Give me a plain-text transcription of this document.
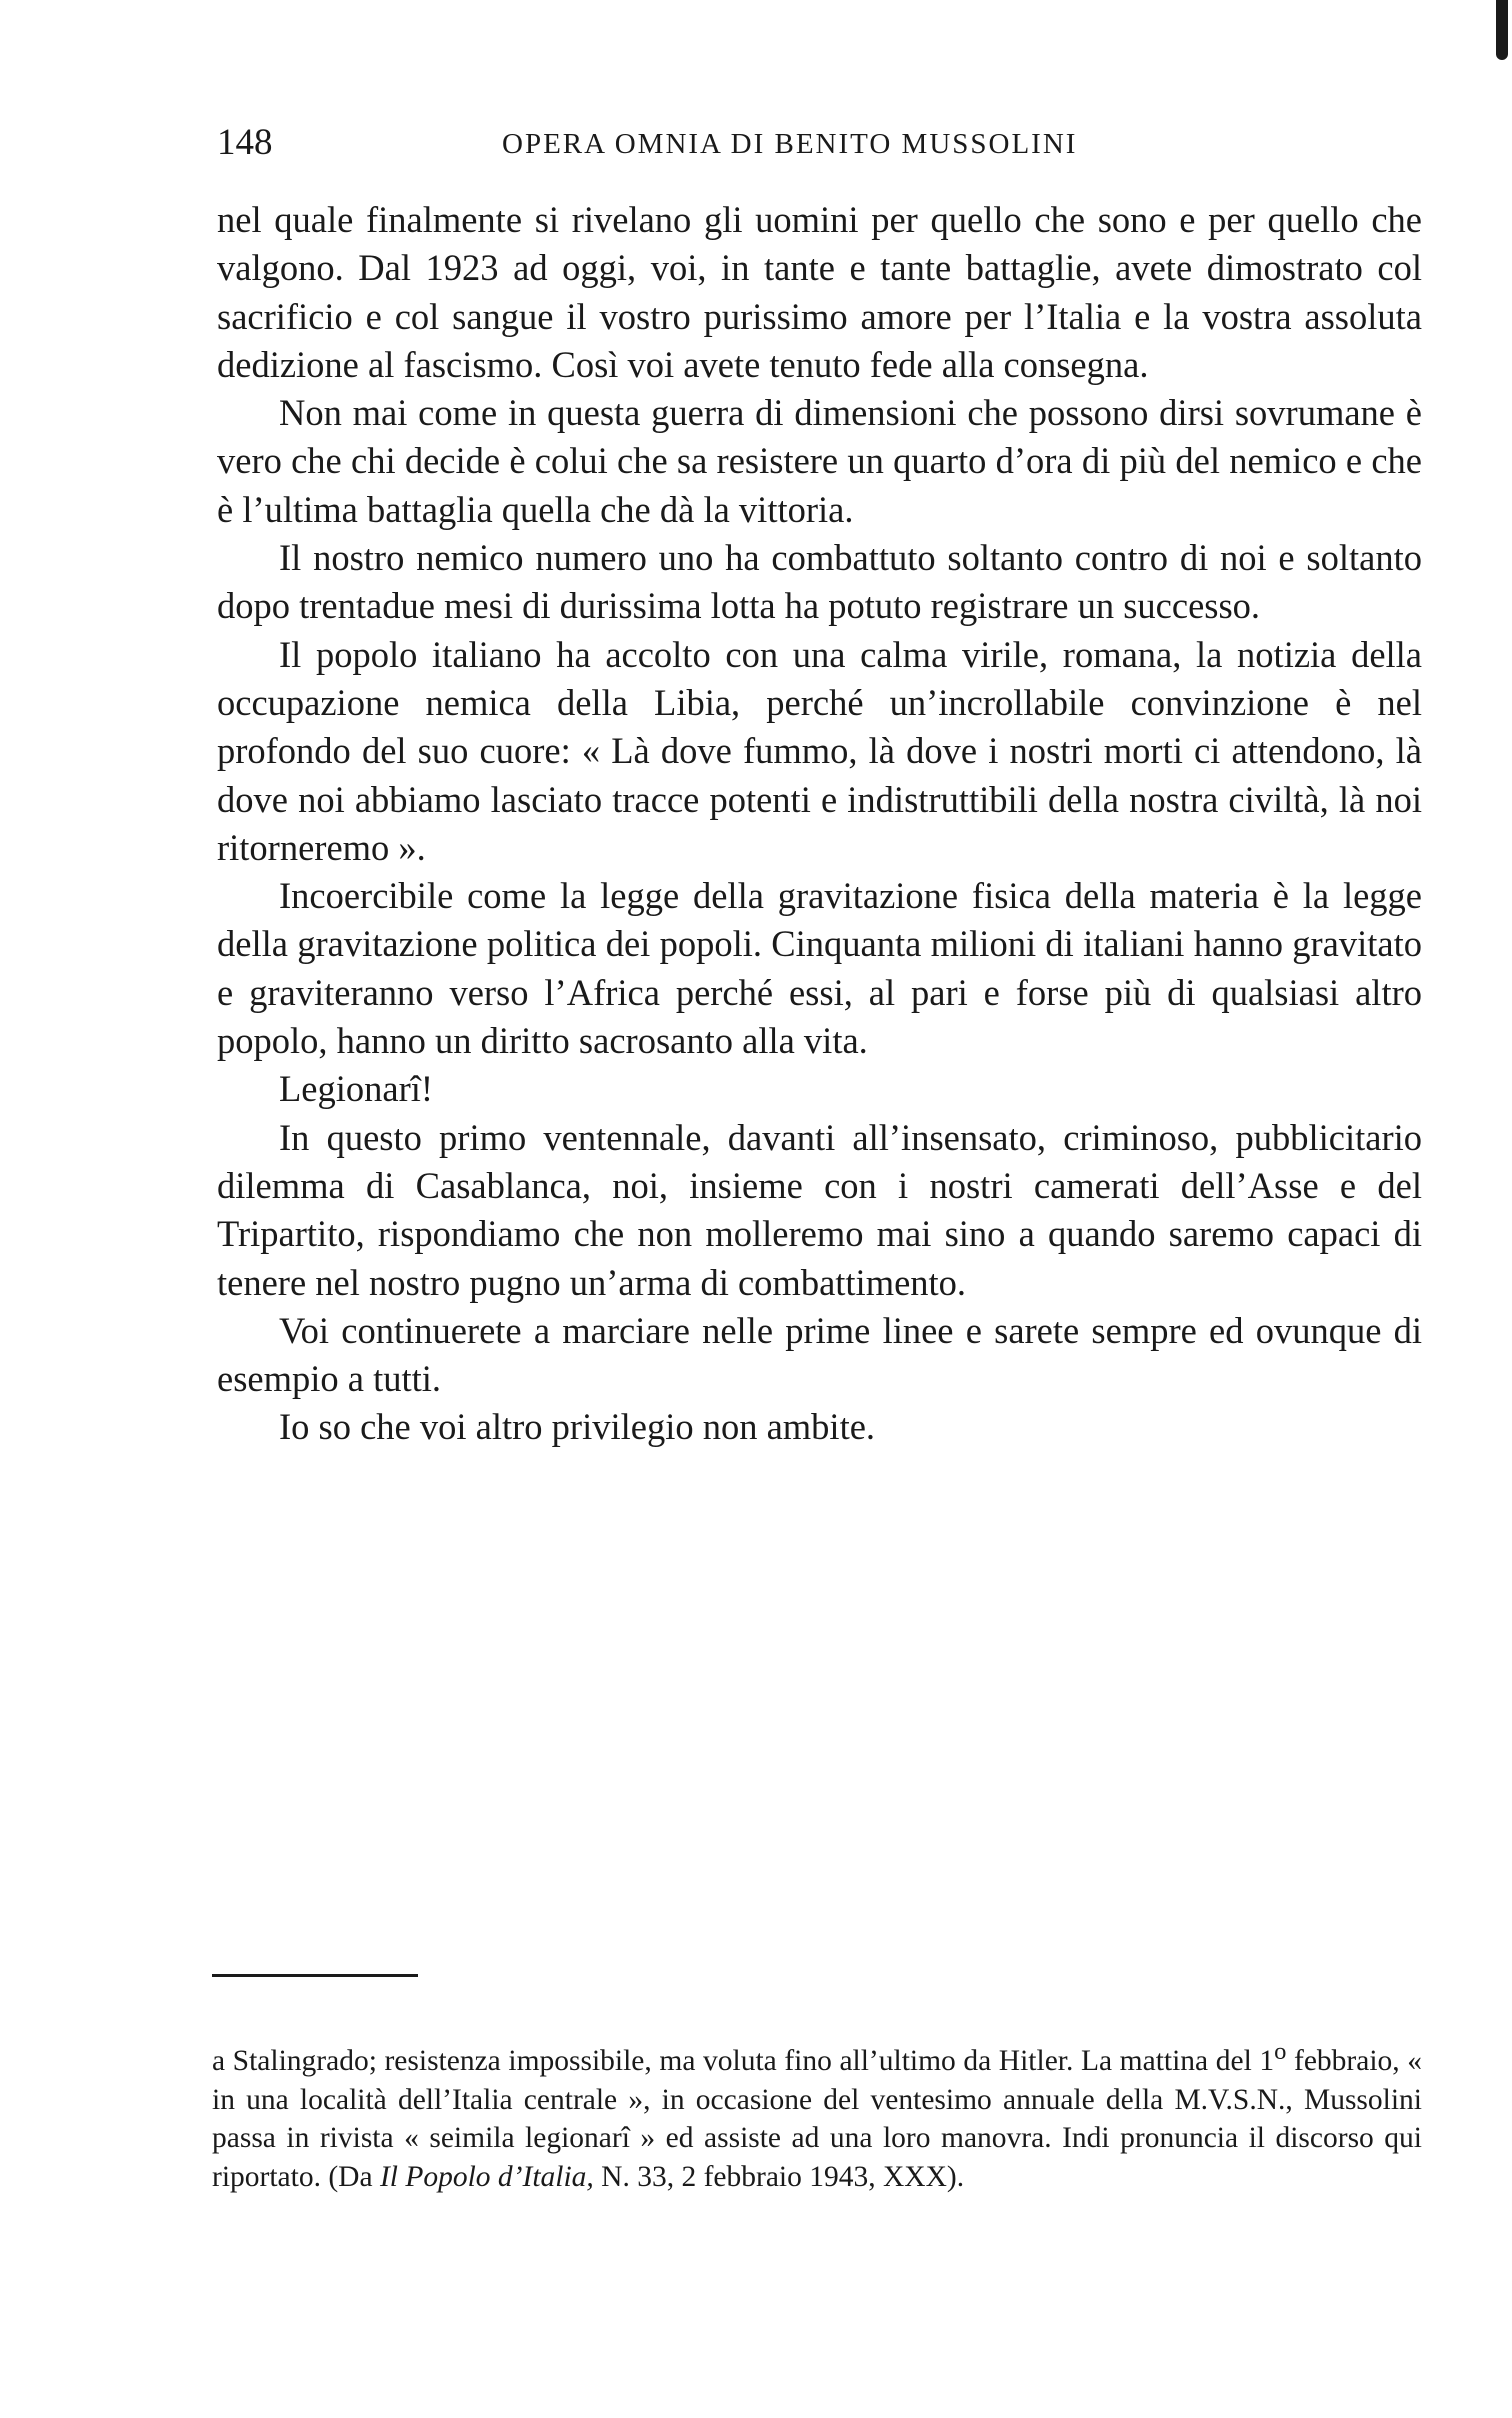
148	OPERA OMNIA DI BENITO MUSSOLINI

nel quale finalmente si rivelano gli uomini per quello che sono e per quello che valgono. Dal 1923 ad oggi, voi, in tante e tante battaglie, avete dimostrato col sacrificio e col sangue il vostro purissimo amore per l’Italia e la vostra assoluta dedizione al fascismo. Così voi avete tenuto fede alla consegna.

Non mai come in questa guerra di dimensioni che possono dirsi sovrumane è vero che chi decide è colui che sa resistere un quarto d’ora di più del nemico e che è l’ultima battaglia quella che dà la vittoria.

Il nostro nemico numero uno ha combattuto soltanto contro di noi e soltanto dopo trentadue mesi di durissima lotta ha potuto registrare un successo.

Il popolo italiano ha accolto con una calma virile, romana, la notizia della occupazione nemica della Libia, perché un’incrollabile convinzione è nel profondo del suo cuore: « Là dove fummo, là dove i nostri morti ci attendono, là dove noi abbiamo lasciato tracce potenti e indistruttibili della nostra civiltà, là noi ritorneremo ».

Incoercibile come la legge della gravitazione fisica della materia è la legge della gravitazione politica dei popoli. Cinquanta milioni di italiani hanno gravitato e graviteranno verso l’Africa perché essi, al pari e forse più di qualsiasi altro popolo, hanno un diritto sacrosanto alla vita.

Legionarî!

In questo primo ventennale, davanti all’insensato, criminoso, pubblicitario dilemma di Casablanca, noi, insieme con i nostri camerati dell’Asse e del Tripartito, rispondiamo che non molleremo mai sino a quando saremo capaci di tenere nel nostro pugno un’arma di combattimento.

Voi continuerete a marciare nelle prime linee e sarete sempre ed ovunque di esempio a tutti.

Io so che voi altro privilegio non ambite.

a Stalingrado; resistenza impossibile, ma voluta fino all’ultimo da Hitler. La mattina del 1$^o$ febbraio, « in una località dell’Italia centrale », in occasione del ventesimo annuale della M.V.S.N., Mussolini passa in rivista « seimila legionarî » ed assiste ad una loro manovra. Indi pronuncia il discorso qui riportato. (Da Il Popolo d’Italia, N. 33, 2 febbraio 1943, XXX).
